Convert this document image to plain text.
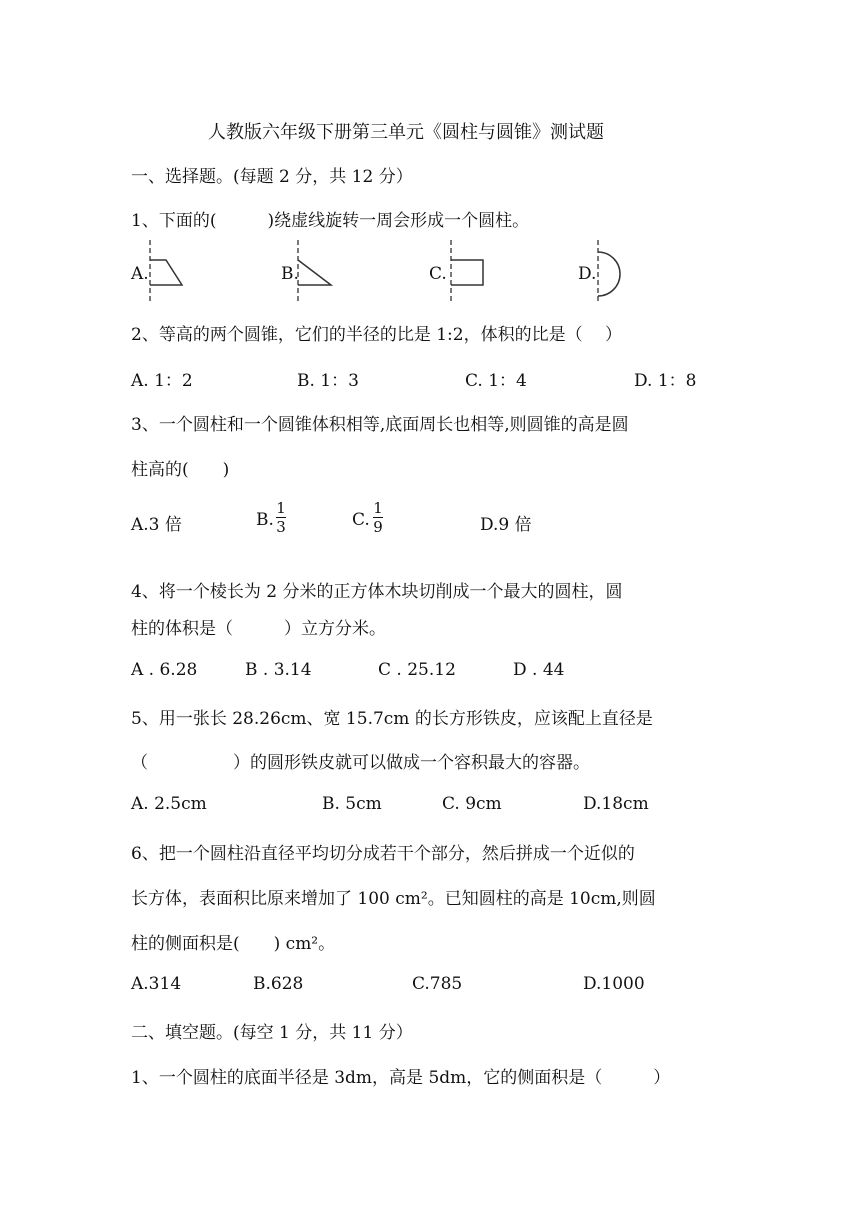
人教版六年级下册第三单元《圆柱与圆锥》测试题
一、选择题。(每题 2 分，共 12 分）
1、下面的(　　　)绕虚线旋转一周会形成一个圆柱。
A.	B.	C.	D.
2、等高的两个圆锥，它们的半径的比是 1:2，体积的比是（　 ）
A. 1：2	B. 1：3	C. 1：4	D. 1：8
3、一个圆柱和一个圆锥体积相等,底面周长也相等,则圆锥的高是圆
柱高的(　　)
A.3 倍	B.
1
3	C.
1
9	D.9 倍
4、将一个棱长为 2 分米的正方体木块切削成一个最大的圆柱，圆
柱的体积是（　　　）立方分米。
A . 6.28	B . 3.14	C . 25.12	D . 44
5、用一张长 28.26cm、宽 15.7cm 的长方形铁皮，应该配上直径是
（　　　　　）的圆形铁皮就可以做成一个容积最大的容器。
A. 2.5cm	B. 5cm	C. 9cm	D.18cm
6、把一个圆柱沿直径平均切分成若干个部分，然后拼成一个近似的
长方体，表面积比原来增加了 100 cm²。已知圆柱的高是 10cm,则圆
柱的侧面积是(　　) cm²。
A.314	B.628	C.785	D.1000
二、填空题。(每空 1 分，共 11 分）
1、一个圆柱的底面半径是 3dm，高是 5dm，它的侧面积是（　　　）
